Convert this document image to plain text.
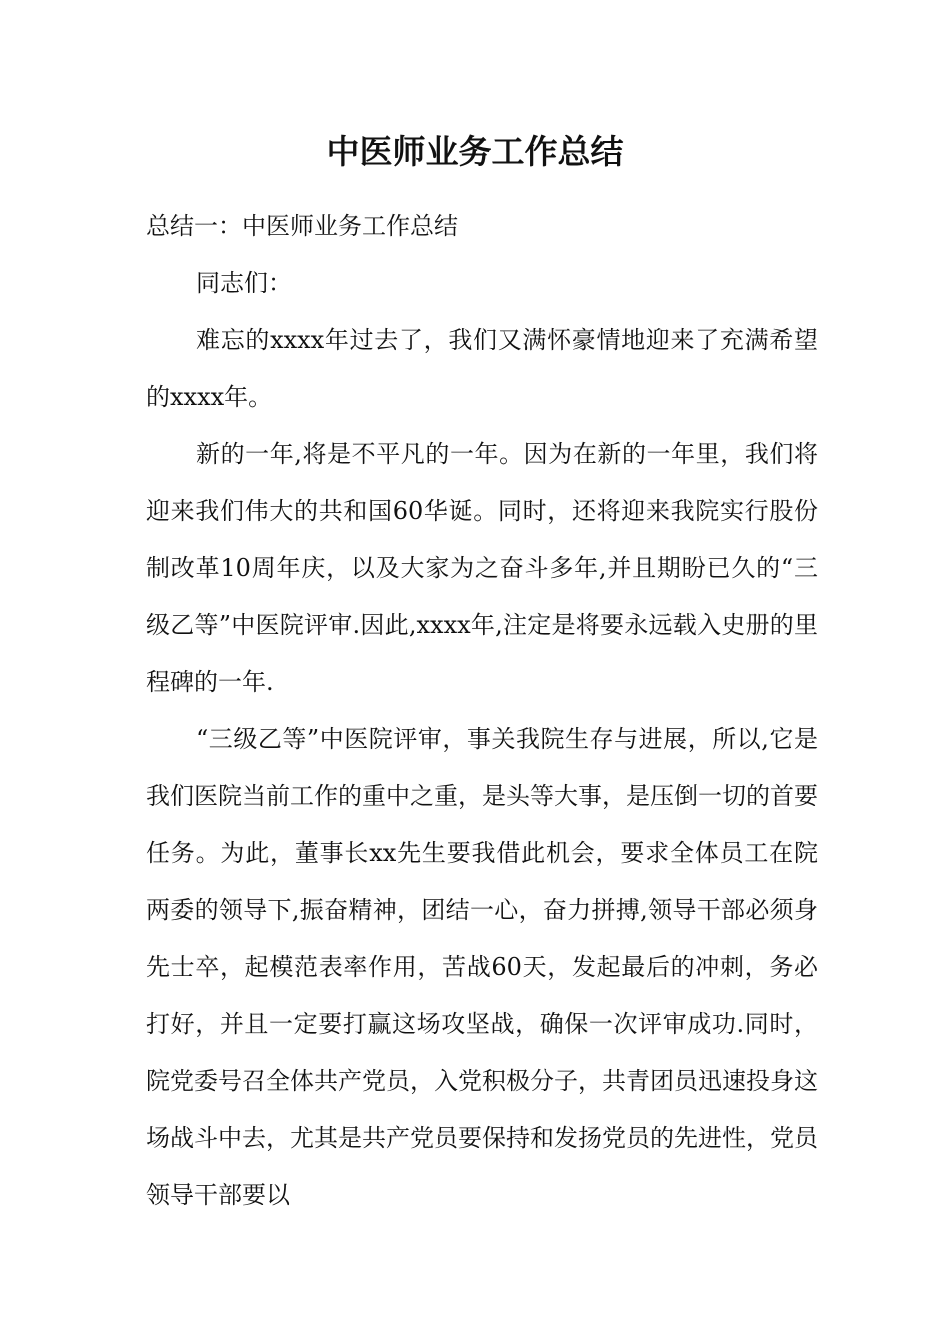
中医师业务工作总结

总结一：中医师业务工作总结

同志们：

难忘的xxxx年过去了，我们又满怀豪情地迎来了充满希望的xxxx年。

新的一年,将是不平凡的一年。因为在新的一年里，我们将迎来我们伟大的共和国60华诞。同时，还将迎来我院实行股份制改革10周年庆，以及大家为之奋斗多年,并且期盼已久的“三级乙等”中医院评审.因此,xxxx年,注定是将要永远载入史册的里程碑的一年.

“三级乙等”中医院评审，事关我院生存与进展，所以,它是我们医院当前工作的重中之重，是头等大事，是压倒一切的首要任务。为此，董事长xx先生要我借此机会，要求全体员工在院两委的领导下,振奋精神，团结一心，奋力拼搏,领导干部必须身先士卒，起模范表率作用，苦战60天，发起最后的冲刺，务必打好，并且一定要打赢这场攻坚战，确保一次评审成功.同时，院党委号召全体共产党员，入党积极分子，共青团员迅速投身这场战斗中去，尤其是共产党员要保持和发扬党员的先进性，党员领导干部要以
